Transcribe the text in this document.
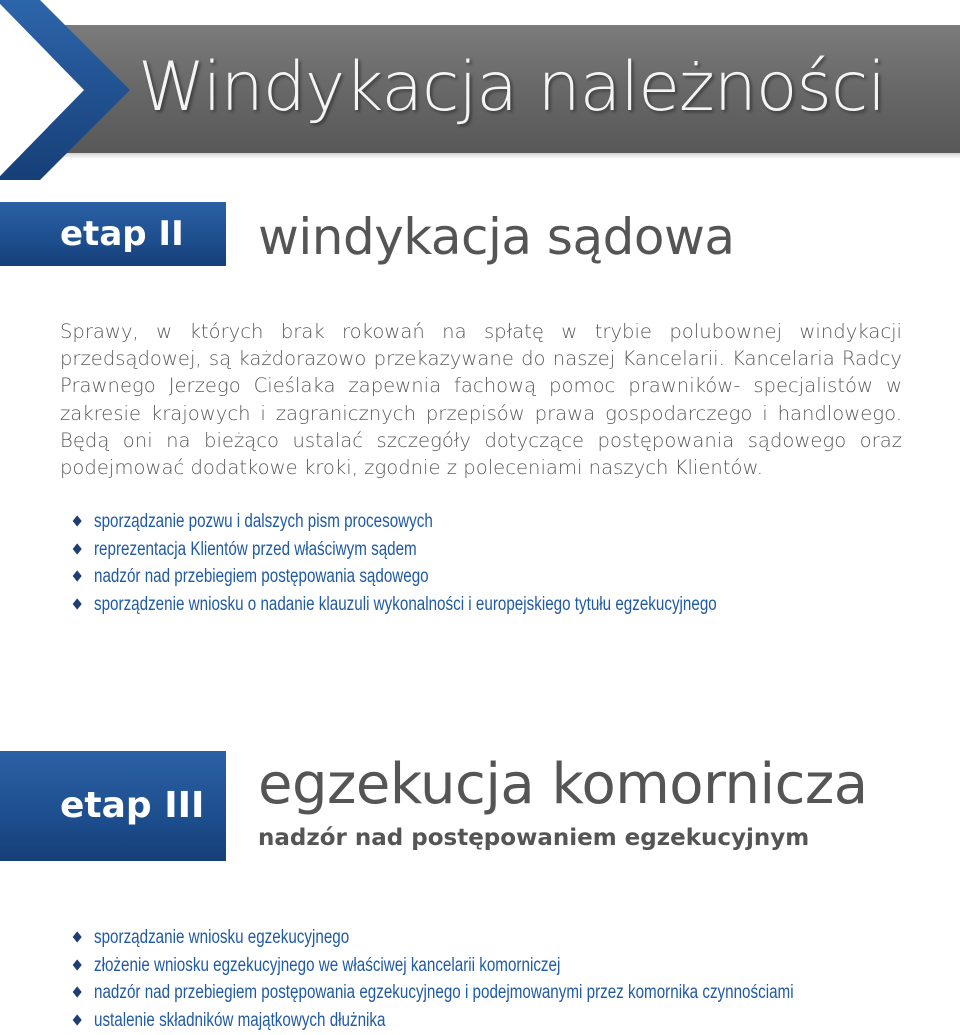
Windykacja należności
etap II	windykacja sądowa

Sprawy, w których brak rokowań na spłatę w trybie polubownej windykacji przedsądowej, są każdorazowo przekazywane do naszej Kancelarii. Kancelaria Radcy Prawnego Jerzego Cieślaka zapewnia fachową pomoc prawników- specjalistów w zakresie krajowych i zagranicznych przepisów prawa gospodarczego i handlowego. Będą oni na bieżąco ustalać szczegóły dotyczące postępowania sądowego oraz podejmować dodatkowe kroki, zgodnie z poleceniami naszych Klientów.

sporządzanie pozwu i dalszych pism procesowych
reprezentacja Klientów przed właściwym sądem
nadzór nad przebiegiem postępowania sądowego
sporządzenie wniosku o nadanie klauzuli wykonalności i europejskiego tytułu egzekucyjnego
etap III egzekucja komornicza
nadzór nad postępowaniem egzekucyjnym
sporządzanie wniosku egzekucyjnego
złożenie wniosku egzekucyjnego we właściwej kancelarii komorniczej
nadzór nad przebiegiem postępowania egzekucyjnego i podejmowanymi przez komornika czynnościami
ustalenie składników majątkowych dłużnika
